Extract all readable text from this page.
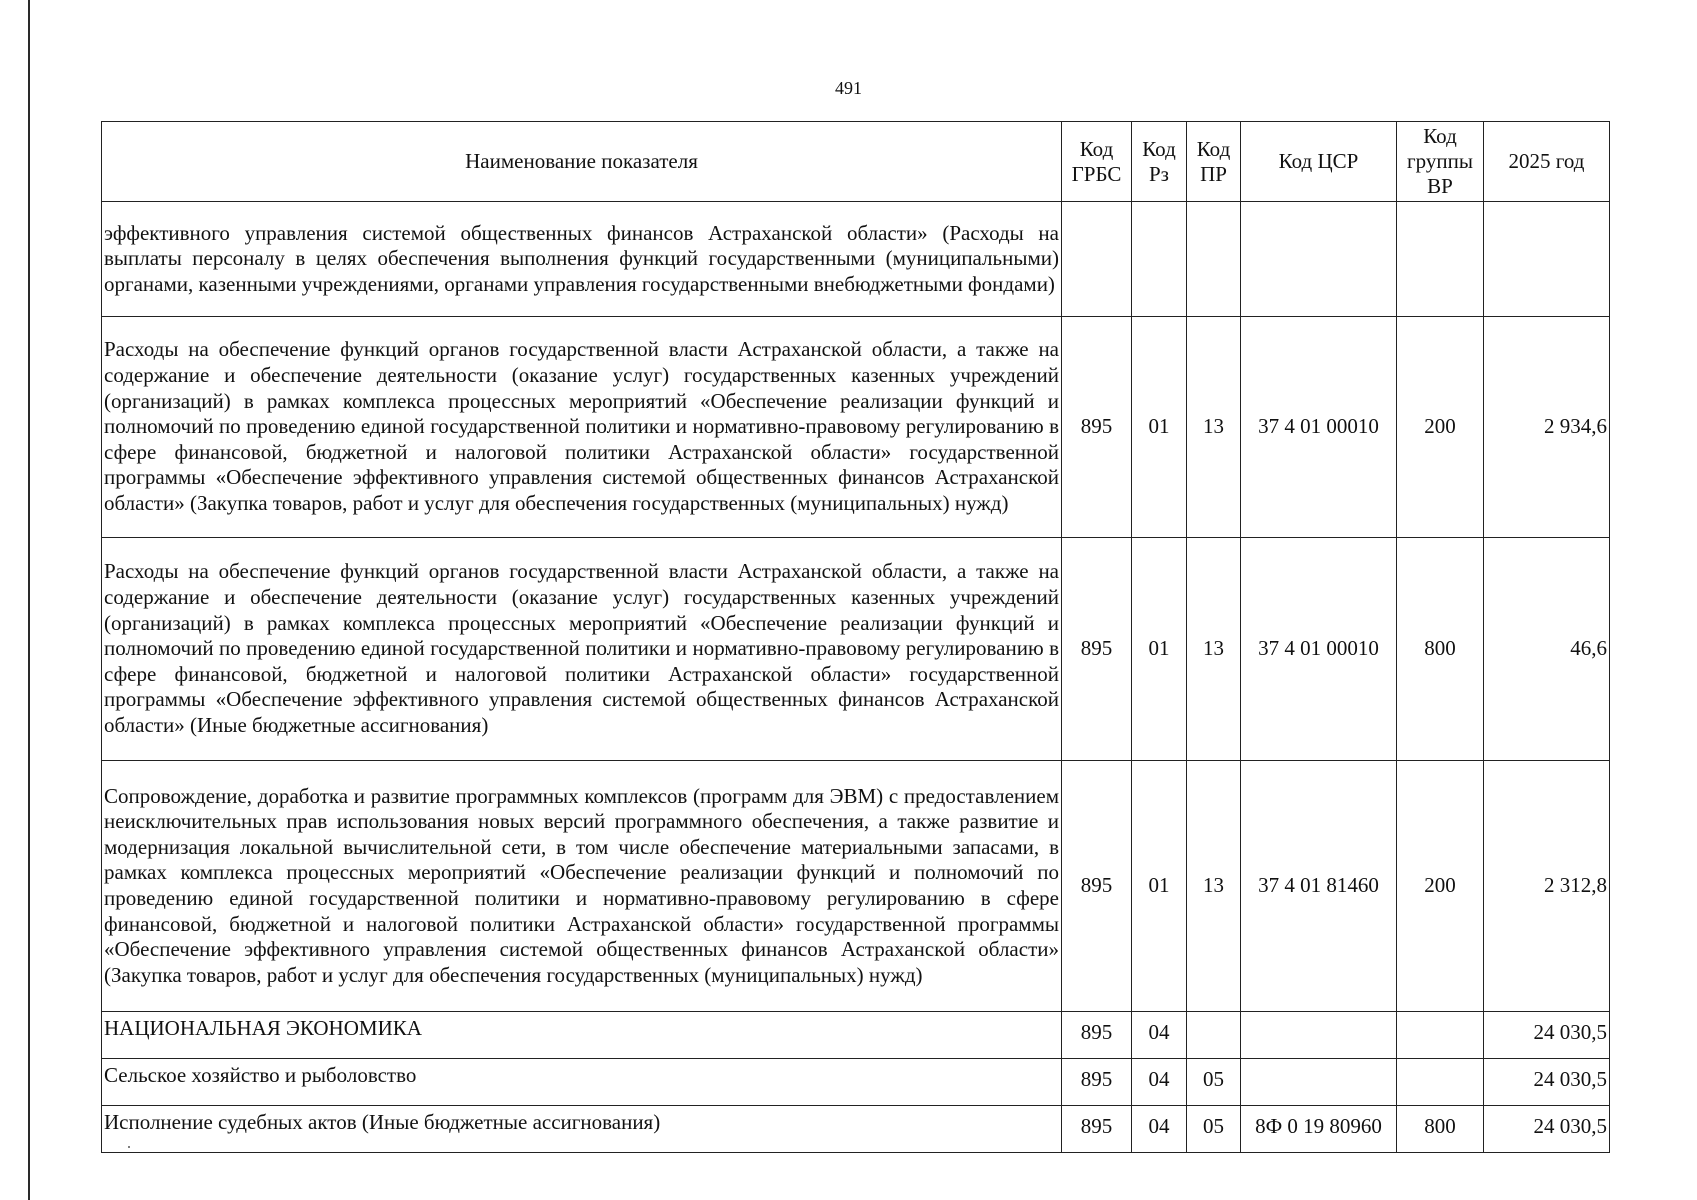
491
Наименование показателя	Код ГРБС	Код Рз	Код ПР	Код ЦСР	Код группы ВР	2025 год
эффективного управления системой общественных финансов Астраханской области» (Расходы на выплаты персоналу в целях обеспечения выполнения функций государственными (муниципальными) органами, казенными учреждениями, органами управления государственными внебюджетными фондами)						
Расходы на обеспечение функций органов государственной власти Астраханской области, а также на содержание и обеспечение деятельности (оказание услуг) государственных казенных учреждений (организаций) в рамках комплекса процессных мероприятий «Обеспечение реализации функций и полномочий по проведению единой государственной политики и нормативно-правовому регулированию в сфере финансовой, бюджетной и налоговой политики Астраханской области» государственной программы «Обеспечение эффективного управления системой общественных финансов Астраханской области» (Закупка товаров, работ и услуг для обеспечения государственных (муниципальных) нужд)	895	01	13	37 4 01 00010	200	2 934,6
Расходы на обеспечение функций органов государственной власти Астраханской области, а также на содержание и обеспечение деятельности (оказание услуг) государственных казенных учреждений (организаций) в рамках комплекса процессных мероприятий «Обеспечение реализации функций и полномочий по проведению единой государственной политики и нормативно-правовому регулированию в сфере финансовой, бюджетной и налоговой политики Астраханской области» государственной программы «Обеспечение эффективного управления системой общественных финансов Астраханской области» (Иные бюджетные ассигнования)	895	01	13	37 4 01 00010	800	46,6
Сопровождение, доработка и развитие программных комплексов (программ для ЭВМ) с предоставлением неисключительных прав использования новых версий программного обеспечения, а также развитие и модернизация локальной вычислительной сети, в том числе обеспечение материальными запасами, в рамках комплекса процессных мероприятий «Обеспечение реализации функций и полномочий по проведению единой государственной политики и нормативно-правовому регулированию в сфере финансовой, бюджетной и налоговой политики Астраханской области» государственной программы «Обеспечение эффективного управления системой общественных финансов Астраханской области» (Закупка товаров, работ и услуг для обеспечения государственных (муниципальных) нужд)	895	01	13	37 4 01 81460	200	2 312,8
НАЦИОНАЛЬНАЯ ЭКОНОМИКА	895	04				24 030,5
Сельское хозяйство и рыболовство	895	04	05			24 030,5
Исполнение судебных актов (Иные бюджетные ассигнования)	895	04	05	8Ф 0 19 80960	800	24 030,5
